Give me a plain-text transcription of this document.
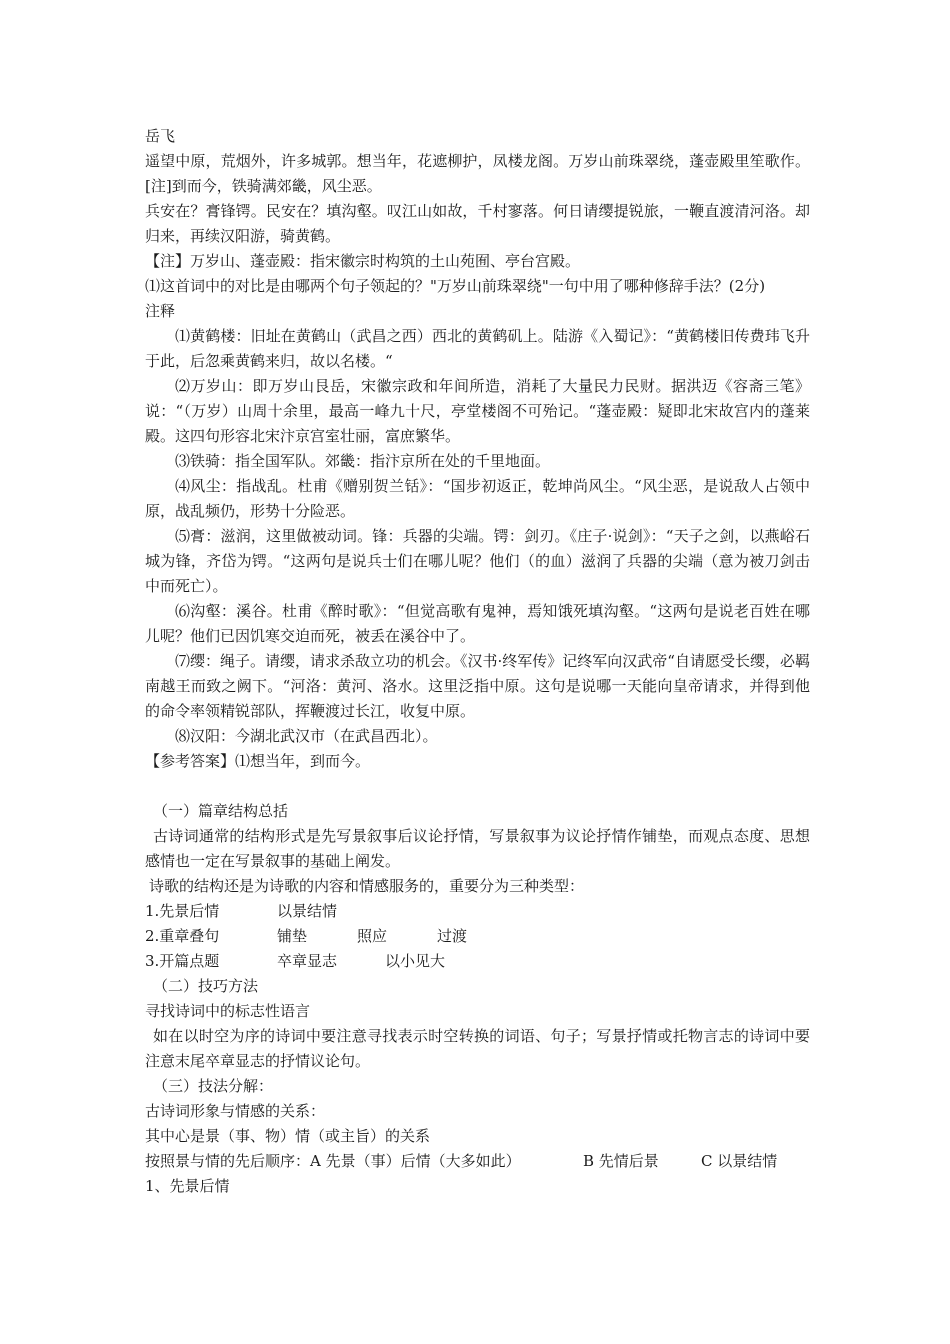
岳飞

遥望中原，荒烟外，许多城郭。想当年，花遮柳护，凤楼龙阁。万岁山前珠翠绕，蓬壶殿里笙歌作。[注]到而今，铁骑满郊畿，风尘恶。

兵安在？膏锋锷。民安在？填沟壑。叹江山如故，千村寥落。何日请缨提锐旅，一鞭直渡清河洛。却归来，再续汉阳游，骑黄鹤。

【注】万岁山、蓬壶殿：指宋徽宗时构筑的土山苑囿、亭台宫殿。

⑴这首词中的对比是由哪两个句子领起的？"万岁山前珠翠绕"一句中用了哪种修辞手法？(2分)

注释

⑴黄鹤楼：旧址在黄鹤山（武昌之西）西北的黄鹤矶上。陆游《入蜀记》：“黄鹤楼旧传费玮飞升于此，后忽乘黄鹤来归，故以名楼。“

⑵万岁山：即万岁山艮岳，宋徽宗政和年间所造，消耗了大量民力民财。据洪迈《容斋三笔》说：“（万岁）山周十余里，最高一峰九十尺，亭堂楼阁不可殆记。“蓬壶殿：疑即北宋故宫内的蓬莱殿。这四句形容北宋汴京宫室壮丽，富庶繁华。

⑶铁骑：指全国军队。郊畿：指汴京所在处的千里地面。

⑷风尘：指战乱。杜甫《赠别贺兰铦》：“国步初返正，乾坤尚风尘。“风尘恶，是说敌人占领中原，战乱频仍，形势十分险恶。

⑸膏：滋润，这里做被动词。锋：兵器的尖端。锷：剑刃。《庄子·说剑》：“天子之剑，以燕峪石城为锋，齐岱为锷。“这两句是说兵士们在哪儿呢？他们（的血）滋润了兵器的尖端（意为被刀剑击中而死亡）。

⑹沟壑：溪谷。杜甫《醉时歌》：“但觉高歌有鬼神，焉知饿死填沟壑。“这两句是说老百姓在哪儿呢？他们已因饥寒交迫而死，被丢在溪谷中了。

⑺缨：绳子。请缨，请求杀敌立功的机会。《汉书·终军传》记终军向汉武帝“自请愿受长缨，必羁南越王而致之阙下。“河洛：黄河、洛水。这里泛指中原。这句是说哪一天能向皇帝请求，并得到他的命令率领精锐部队，挥鞭渡过长江，收复中原。

⑻汉阳：今湖北武汉市（在武昌西北）。

【参考答案】⑴想当年，到而今。

（一）篇章结构总括

古诗词通常的结构形式是先写景叙事后议论抒情，写景叙事为议论抒情作铺垫，而观点态度、思想感情也一定在写景叙事的基础上阐发。

诗歌的结构还是为诗歌的内容和情感服务的，重要分为三种类型：

1.先景后情	以景结情
2.重章叠句	铺垫	照应	过渡
3.开篇点题	卒章显志	以小见大

（二）技巧方法

寻找诗词中的标志性语言

如在以时空为序的诗词中要注意寻找表示时空转换的词语、句子；写景抒情或托物言志的诗词中要注意末尾卒章显志的抒情议论句。

（三）技法分解：

古诗词形象与情感的关系：

其中心是景（事、物）情（或主旨）的关系

按照景与情的先后顺序：A 先景（事）后情（大多如此）	B 先情后景	C 以景结情

1、先景后情
